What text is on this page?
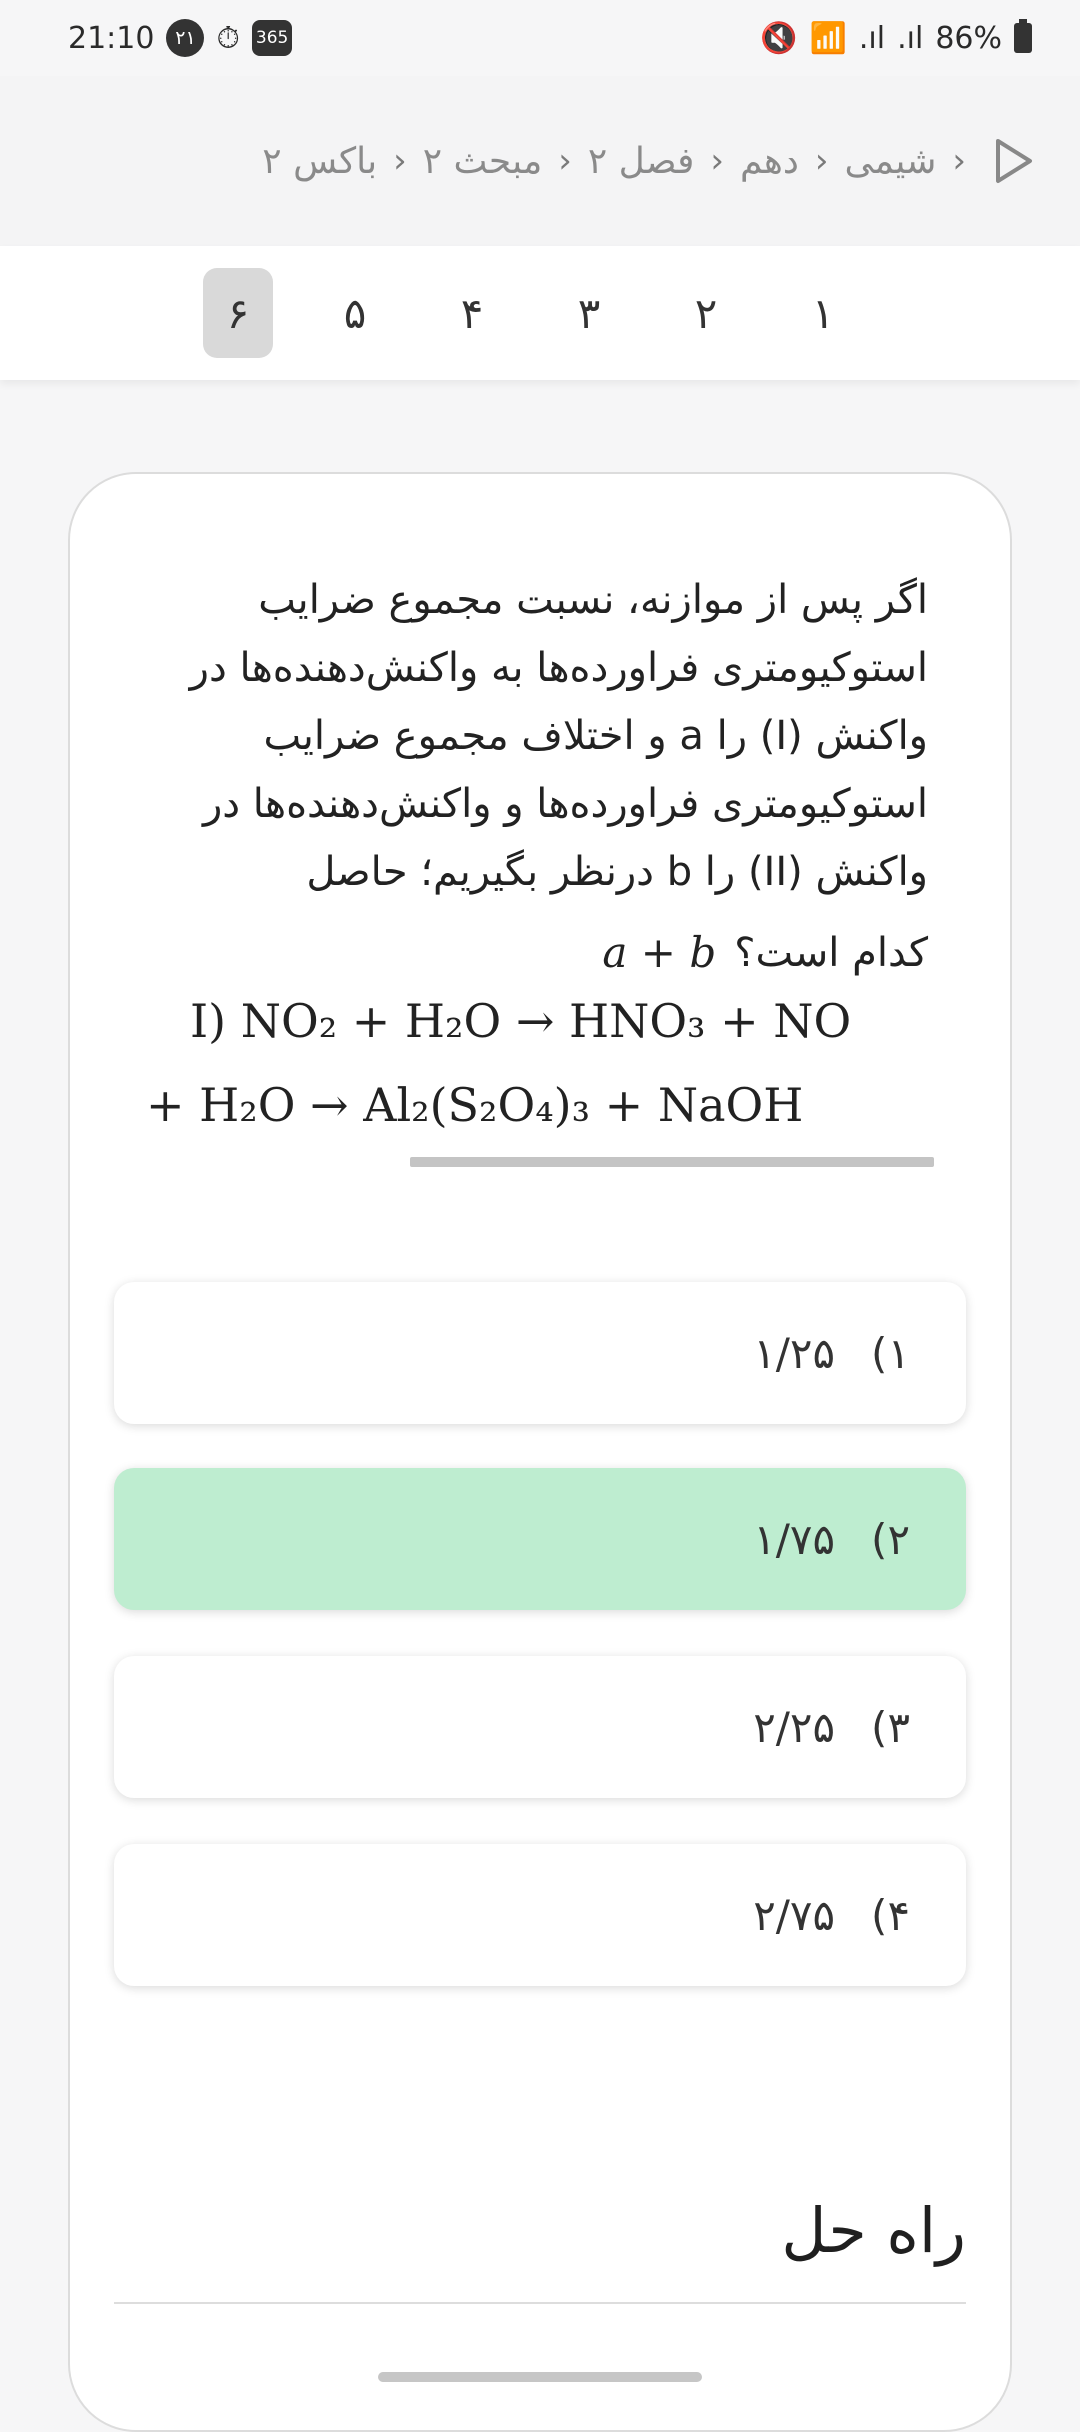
21:10	۲۱ ⏱ 365	🔇 📶 .ıl .ıl 86%
‹
شیمی
‹
دهم
‹
فصل ۲
‹
مبحث ۲
‹
باکس ۲
۱
۲
۳
۴
۵
۶
اگر پس از موازنه، نسبت مجموع ضرایب استوکیومتری فراورده‌ها به واکنش‌دهنده‌ها در واکنش (I) را a و اختلاف مجموع ضرایب استوکیومتری فراورده‌ها و واکنش‌دهنده‌ها در واکنش (II) را b درنظر بگیریم؛ حاصل
کدام است؟
a + b
I) NO₂ + H₂O → HNO₃ + NO
+ H₂O → Al₂(S₂O₄)₃ + NaOH
۱)
۱/۲۵
۲)
۱/۷۵
۳)
۲/۲۵
۴)
۲/۷۵
راه حل
